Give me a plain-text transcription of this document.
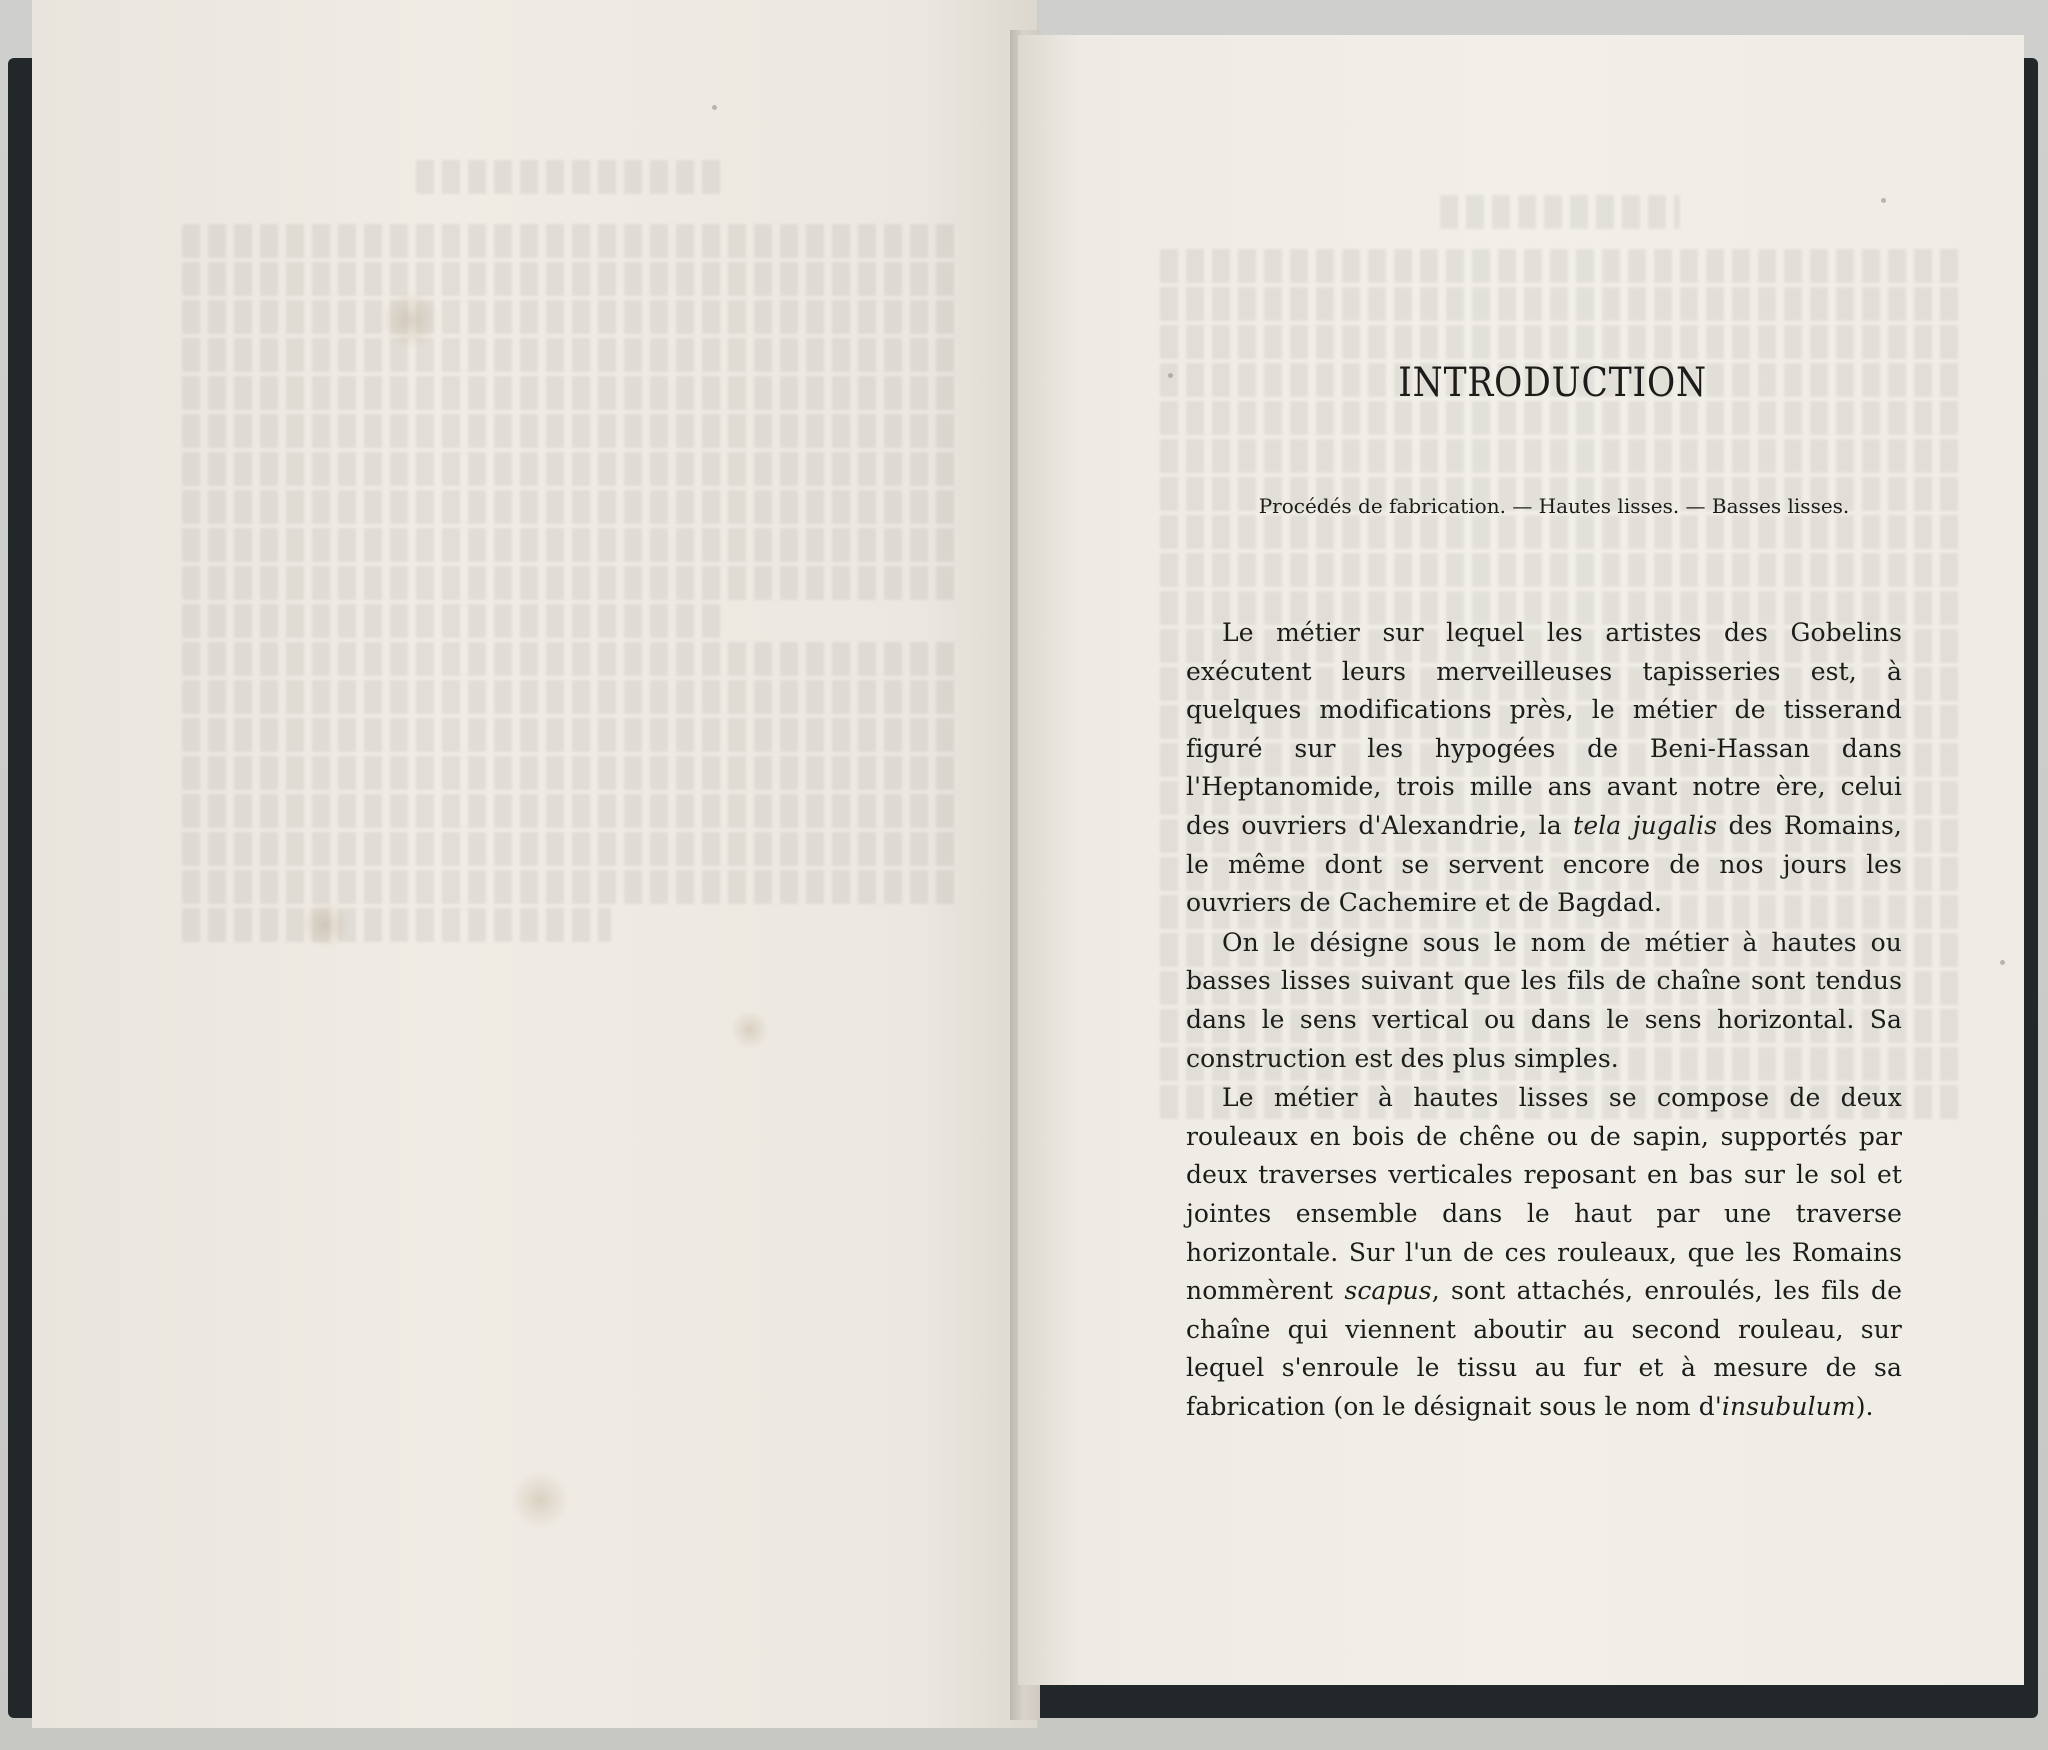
INTRODUCTION
Procédés de fabrication. — Hautes lisses. — Basses lisses.

Le métier sur lequel les artistes des Gobelins exécutent leurs merveilleuses tapisseries est, à quelques modifications près, le métier de tisserand figuré sur les hypogées de Beni-Hassan dans l'Heptanomide, trois mille ans avant notre ère, celui des ouvriers d'Alexandrie, la tela jugalis des Romains, le même dont se servent encore de nos jours les ouvriers de Cachemire et de Bagdad.

On le désigne sous le nom de métier à hautes ou basses lisses suivant que les fils de chaîne sont tendus dans le sens vertical ou dans le sens horizontal. Sa construction est des plus simples.

Le métier à hautes lisses se compose de deux rouleaux en bois de chêne ou de sapin, supportés par deux traverses verticales reposant en bas sur le sol et jointes ensemble dans le haut par une traverse horizontale. Sur l'un de ces rouleaux, que les Romains nommèrent scapus, sont attachés, enroulés, les fils de chaîne qui viennent aboutir au second rouleau, sur lequel s'enroule le tissu au fur et à mesure de sa fabrication (on le désignait sous le nom d'insubulum).
